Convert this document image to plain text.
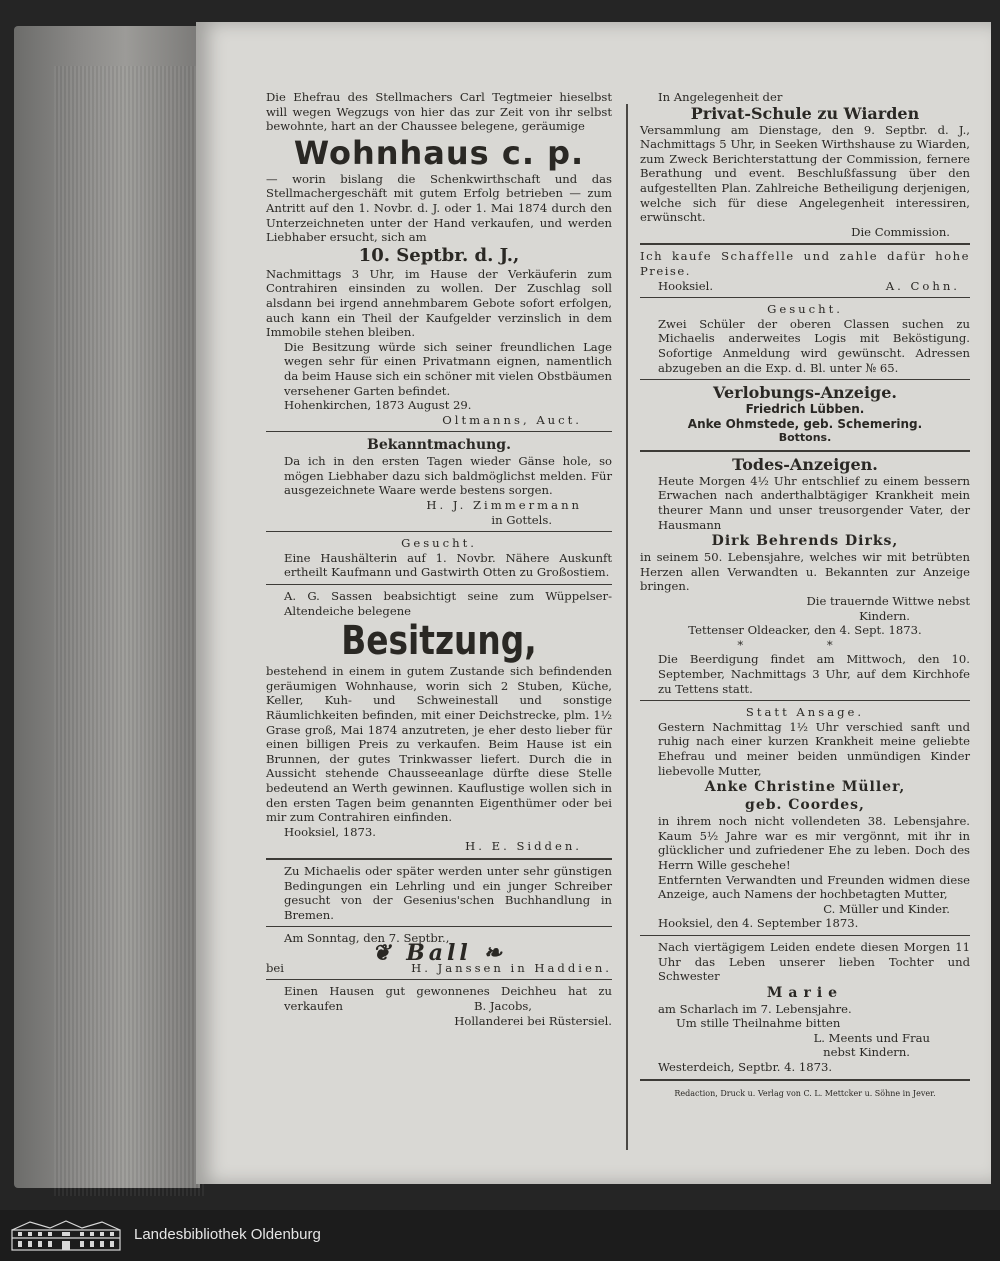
Die Ehefrau des Stellmachers Carl Tegtmeier hieselbst will wegen Wegzugs von hier das zur Zeit von ihr selbst bewohnte, hart an der Chaussee belegene, geräumige

Wohnhaus c. p.

— worin bislang die Schenkwirthschaft und das Stellmachergeschäft mit gutem Erfolg betrieben — zum Antritt auf den 1. Novbr. d. J. oder 1. Mai 1874 durch den Unterzeichneten unter der Hand verkaufen, und werden Liebhaber ersucht, sich am

10. Septbr. d. J.,

Nachmittags 3 Uhr, im Hause der Verkäuferin zum Contrahiren einsinden zu wollen. Der Zuschlag soll alsdann bei irgend annehmbarem Gebote sofort erfolgen, auch kann ein Theil der Kaufgelder verzinslich in dem Immobile stehen bleiben.

Die Besitzung würde sich seiner freundlichen Lage wegen sehr für einen Privatmann eignen, namentlich da beim Hause sich ein schöner mit vielen Obstbäumen versehener Garten befindet.

Hohenkirchen, 1873 August 29.

Oltmanns, Auct.

Bekanntmachung.

Da ich in den ersten Tagen wieder Gänse hole, so mögen Liebhaber dazu sich baldmöglichst melden. Für ausgezeichnete Waare werde bestens sorgen.

H. J. Zimmermann

in Gottels.

Gesucht.

Eine Haushälterin auf 1. Novbr. Nähere Auskunft ertheilt Kaufmann und Gastwirth Otten zu Großostiem.

A. G. Sassen beabsichtigt seine zum Wüppelser-Altendeiche belegene

Besitzung,

bestehend in einem in gutem Zustande sich befindenden geräumigen Wohnhause, worin sich 2 Stuben, Küche, Keller, Kuh- und Schweinestall und sonstige Räumlichkeiten befinden, mit einer Deichstrecke, plm. 1½ Grase groß, Mai 1874 anzutreten, je eher desto lieber für einen billigen Preis zu verkaufen. Beim Hause ist ein Brunnen, der gutes Trinkwasser liefert. Durch die in Aussicht stehende Chausseeanlage dürfte diese Stelle bedeutend an Werth gewinnen. Kauflustige wollen sich in den ersten Tagen beim genannten Eigenthümer oder bei mir zum Contrahiren einfinden.

Hooksiel, 1873.

H. E. Sidden.

Zu Michaelis oder später werden unter sehr günstigen Bedingungen ein Lehrling und ein junger Schreiber gesucht von der Gesenius'schen Buchhandlung in Bremen.

Am Sonntag, den 7. Septbr.,

❦ Ball ❧

bei	H. Janssen in Haddien.

Einen Hausen gut gewonnenes Deichheu hat zu verkaufen	B. Jacobs,

Hollanderei bei Rüstersiel.

In Angelegenheit der

Privat-Schule zu Wiarden

Versammlung am Dienstage, den 9. Septbr. d. J., Nachmittags 5 Uhr, in Seeken Wirthshause zu Wiarden, zum Zweck Berichterstattung der Commission, fernere Berathung und event. Beschlußfassung über den aufgestellten Plan. Zahlreiche Betheiligung derjenigen, welche sich für diese Angelegenheit interessiren, erwünscht.

Die Commission.

Ich kaufe Schaffelle und zahle dafür hohe Preise.

Hooksiel.	A. Cohn.

Gesucht.

Zwei Schüler der oberen Classen suchen zu Michaelis anderweites Logis mit Beköstigung. Sofortige Anmeldung wird gewünscht. Adressen abzugeben an die Exp. d. Bl. unter № 65.

Verlobungs-Anzeige.

Friedrich Lübben.

Anke Ohmstede, geb. Schemering.

Bottons.

Todes-Anzeigen.

Heute Morgen 4½ Uhr entschlief zu einem bessern Erwachen nach anderthalbtägiger Krankheit mein theurer Mann und unser treusorgender Vater, der Hausmann

Dirk Behrends Dirks,

in seinem 50. Lebensjahre, welches wir mit betrübten Herzen allen Verwandten u. Bekannten zur Anzeige bringen.

Die trauernde Wittwe nebst

Kindern.

Tettenser Oldeacker, den 4. Sept. 1873.

* *

Die Beerdigung findet am Mittwoch, den 10. September, Nachmittags 3 Uhr, auf dem Kirchhofe zu Tettens statt.

Statt Ansage.

Gestern Nachmittag 1½ Uhr verschied sanft und ruhig nach einer kurzen Krankheit meine geliebte Ehefrau und meiner beiden unmündigen Kinder liebevolle Mutter,

Anke Christine Müller,

geb. Coordes,

in ihrem noch nicht vollendeten 38. Lebensjahre. Kaum 5½ Jahre war es mir vergönnt, mit ihr in glücklicher und zufriedener Ehe zu leben. Doch des Herrn Wille geschehe!

Entfernten Verwandten und Freunden widmen diese Anzeige, auch Namens der hochbetagten Mutter,

C. Müller und Kinder.

Hooksiel, den 4. September 1873.

Nach viertägigem Leiden endete diesen Morgen 11 Uhr das Leben unserer lieben Tochter und Schwester

Marie

am Scharlach im 7. Lebensjahre.

Um stille Theilnahme bitten

L. Meents und Frau

nebst Kindern.

Westerdeich, Septbr. 4. 1873.

Redaction, Druck u. Verlag von C. L. Mettcker u. Söhne in Jever.

Landesbibliothek Oldenburg
